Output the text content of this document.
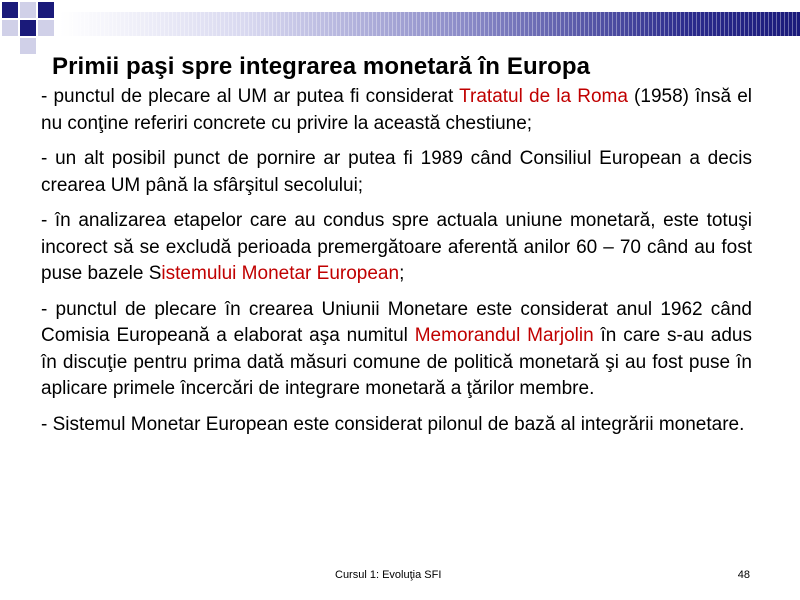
Primii paşi spre integrarea monetară în Europa

- punctul de plecare al UM ar putea fi considerat Tratatul de la Roma (1958) însă el nu conţine referiri concrete cu privire la această chestiune;

- un alt posibil punct de pornire ar putea fi 1989 când Consiliul European a decis crearea UM până la sfârşitul secolului;

- în analizarea etapelor care au condus spre actuala uniune monetară, este totuşi incorect să se excludă perioada premergătoare aferentă anilor 60 – 70 când au fost puse bazele Sistemului Monetar European;

- punctul de plecare în crearea Uniunii Monetare este considerat anul 1962 când Comisia Europeană a elaborat aşa numitul Memorandul Marjolin în care s-au adus în discuţie pentru prima dată măsuri comune de politică monetară şi au fost puse în aplicare primele încercări de integrare monetară a ţărilor membre.

- Sistemul Monetar European este considerat pilonul de bază al integrării monetare.

Cursul 1: Evoluţia SFI	48
